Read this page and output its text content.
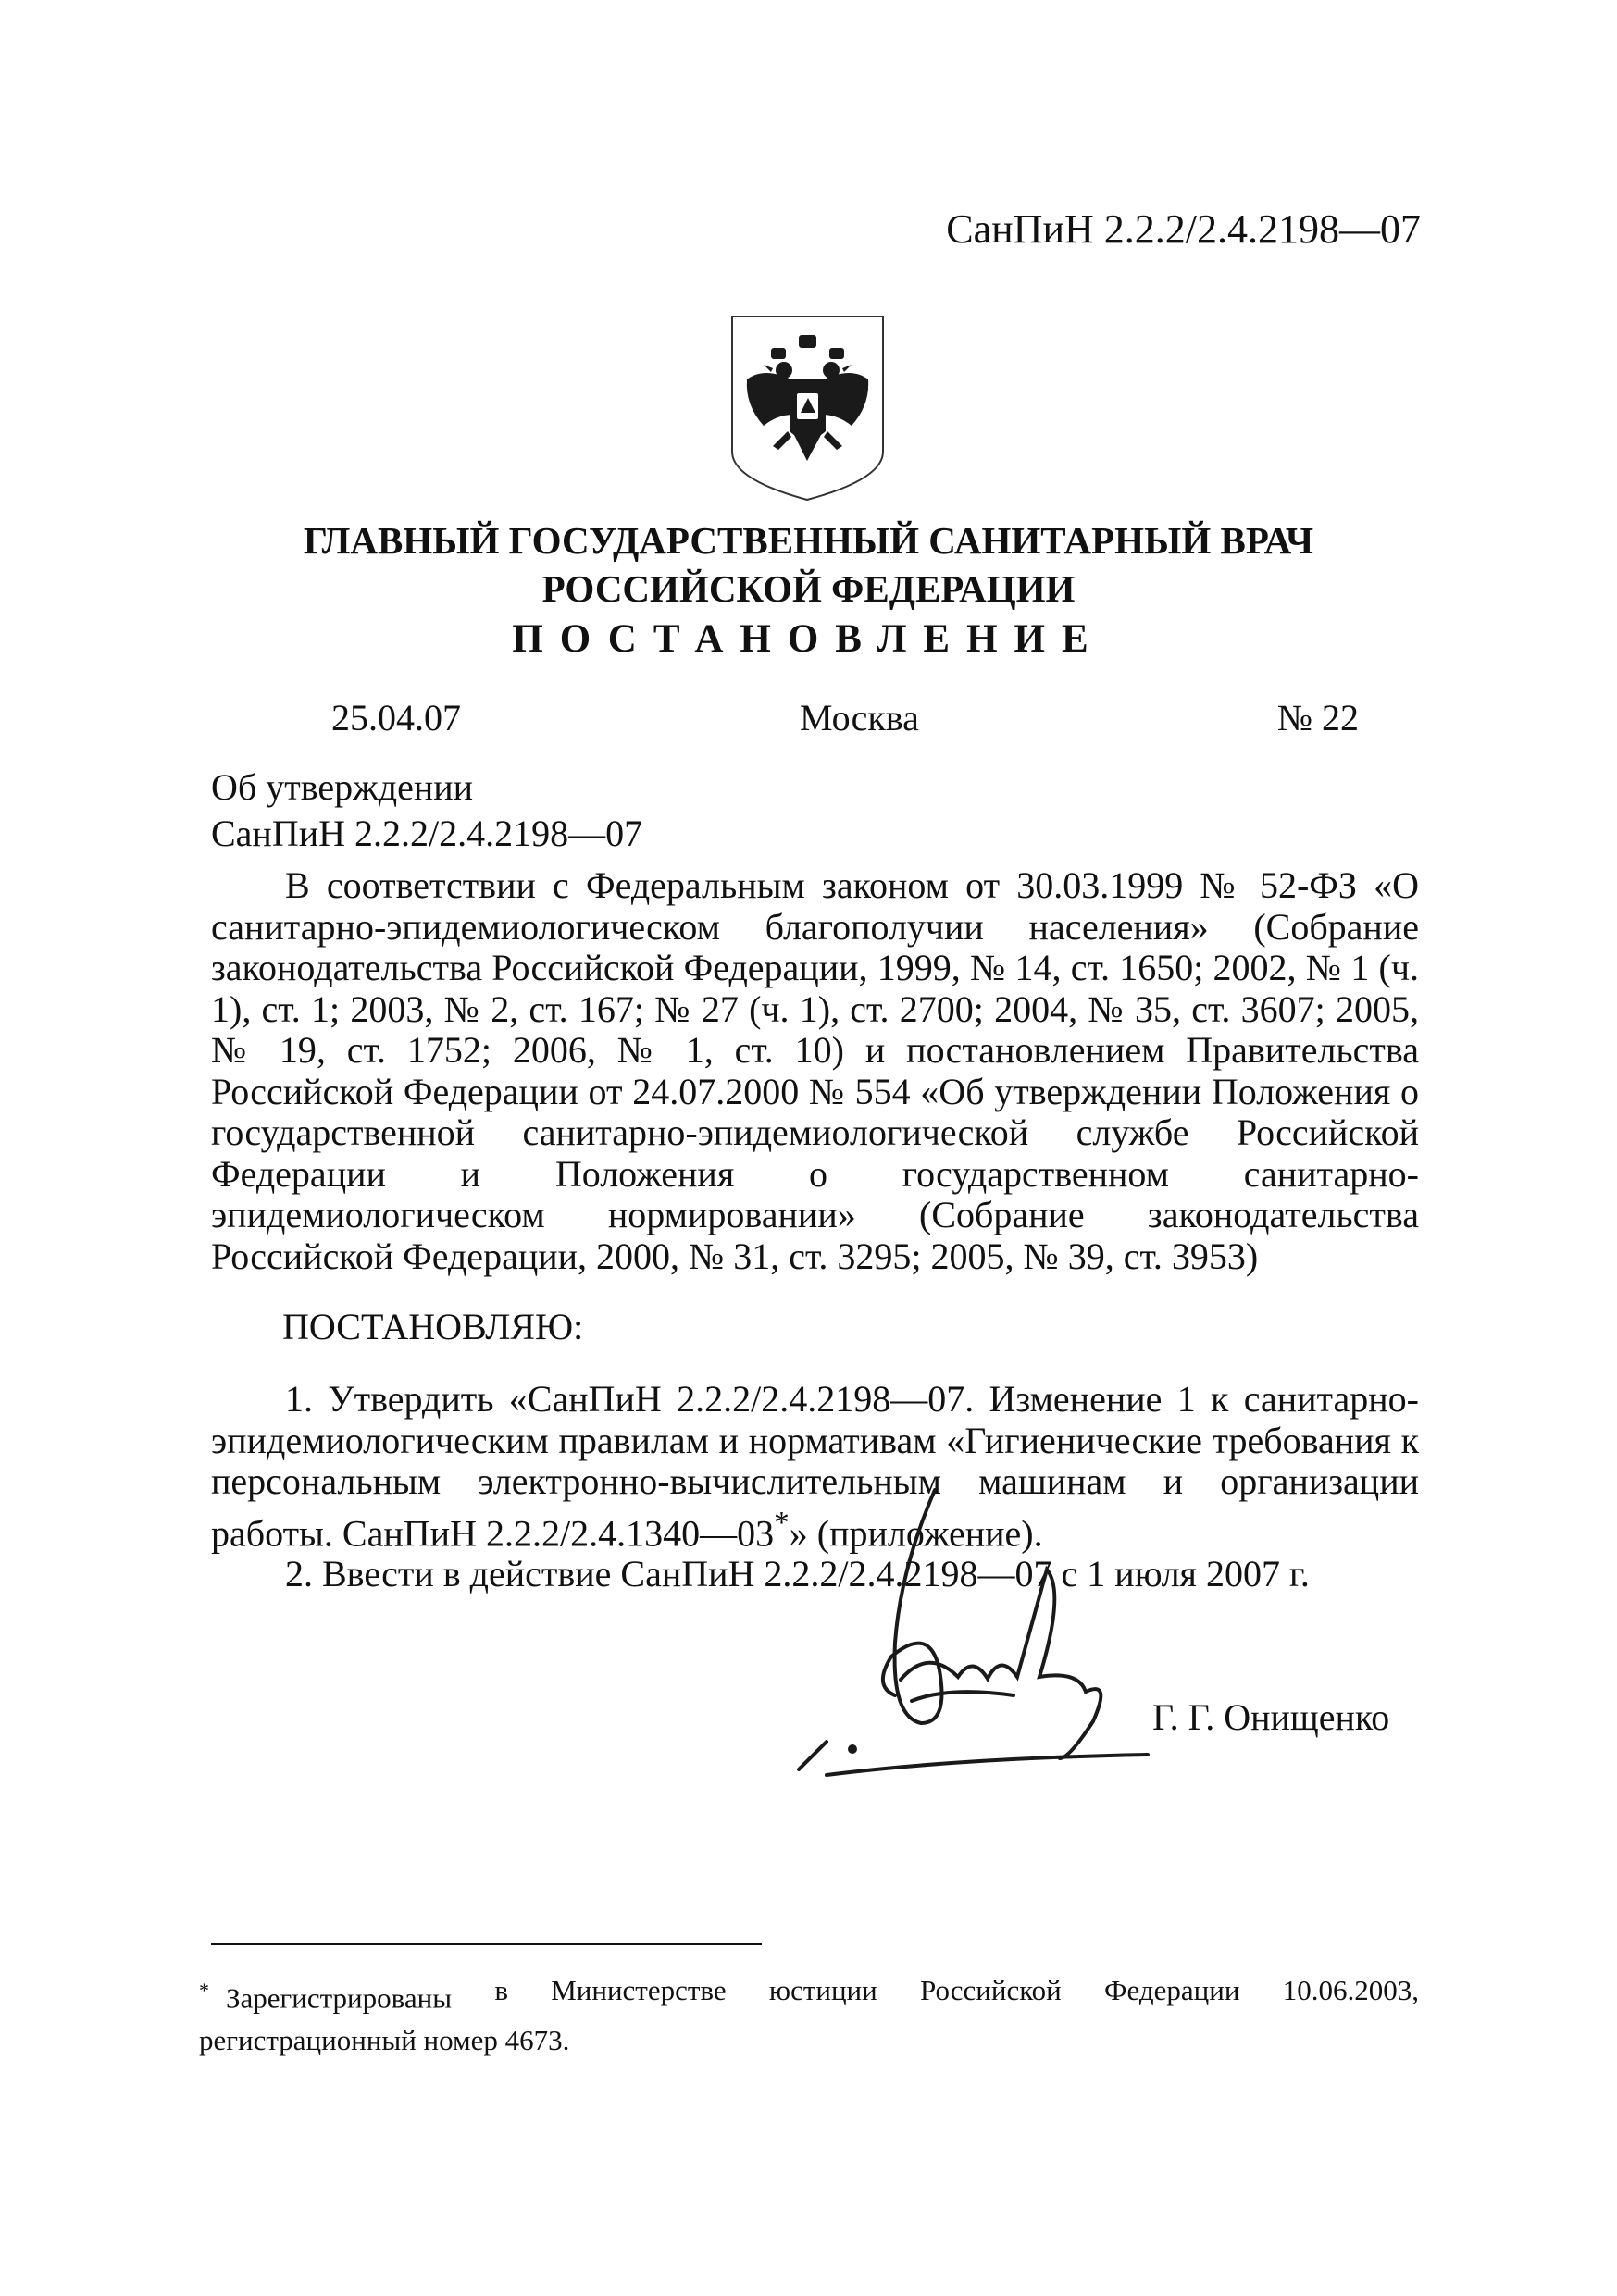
СанПиН 2.2.2/2.4.2198—07
ГЛАВНЫЙ ГОСУДАРСТВЕННЫЙ САНИТАРНЫЙ ВРАЧ
РОССИЙСКОЙ ФЕДЕРАЦИИ
ПОСТАНОВЛЕНИЕ
25.04.07	Москва	№ 22
Об утверждении
СанПиН 2.2.2/2.4.2198—07

В соответствии с Федеральным законом от 30.03.1999 № 52-ФЗ «О санитарно-эпидемиологическом благополучии населения» (Собрание законодательства Российской Федерации, 1999, № 14, ст. 1650; 2002, № 1 (ч. 1), ст. 1; 2003, № 2, ст. 167; № 27 (ч. 1), ст. 2700; 2004, № 35, ст. 3607; 2005, № 19, ст. 1752; 2006, № 1, ст. 10) и постановлением Правительства Российской Федерации от 24.07.2000 № 554 «Об утверждении Положения о государственной санитарно-эпидемиологической службе Российской Федерации и Положения о государственном санитарно-эпидемиологическом нормировании» (Собрание законодательства Российской Федерации, 2000, № 31, ст. 3295; 2005, № 39, ст. 3953)

ПОСТАНОВЛЯЮ:

1. Утвердить «СанПиН 2.2.2/2.4.2198—07. Изменение 1 к санитарно-эпидемиологическим правилам и нормативам «Гигиенические требования к персональным электронно-вычислительным машинам и организации работы. СанПиН 2.2.2/2.4.1340—03*» (приложение).

2. Ввести в действие СанПиН 2.2.2/2.4.2198—07 с 1 июля 2007 г.

Г. Г. Онищенко
* Зарегистрированы в Министерстве юстиции Российской Федерации 10.06.2003,
регистрационный номер 4673.
